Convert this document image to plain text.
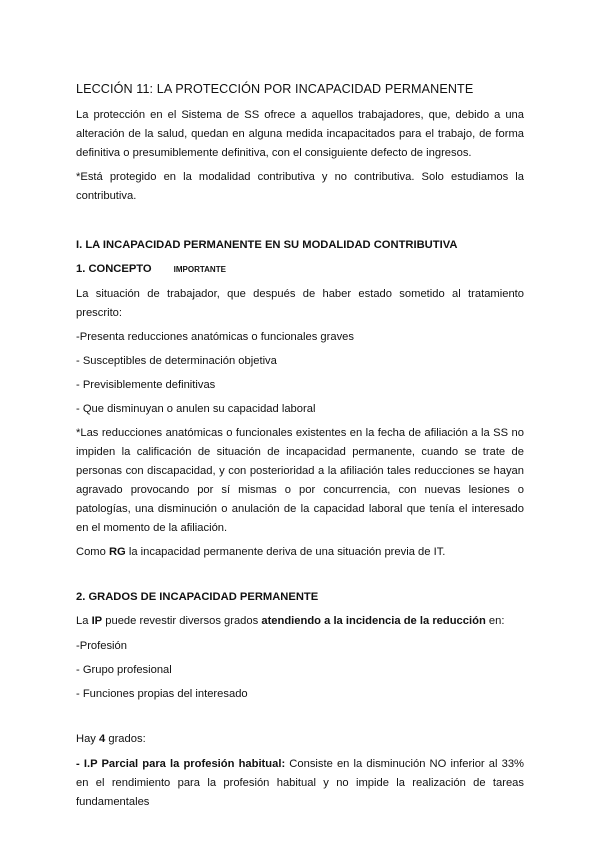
LECCIÓN 11: LA PROTECCIÓN POR INCAPACIDAD PERMANENTE

La protección en el Sistema de SS ofrece a aquellos trabajadores, que, debido a una alteración de la salud, quedan en alguna medida incapacitados para el trabajo, de forma definitiva o presumiblemente definitiva, con el consiguiente defecto de ingresos.

*Está protegido en la modalidad contributiva y no contributiva. Solo estudiamos la contributiva.

I. LA INCAPACIDAD PERMANENTE EN SU MODALIDAD CONTRIBUTIVA

1. CONCEPTO	IMPORTANTE

La situación de trabajador, que después de haber estado sometido al tratamiento prescrito:

-Presenta reducciones anatómicas o funcionales graves

- Susceptibles de determinación objetiva

- Previsiblemente definitivas

- Que disminuyan o anulen su capacidad laboral

*Las reducciones anatómicas o funcionales existentes en la fecha de afiliación a la SS no impiden la calificación de situación de incapacidad permanente, cuando se trate de personas con discapacidad, y con posterioridad a la afiliación tales reducciones se hayan agravado provocando por sí mismas o por concurrencia, con nuevas lesiones o patologías, una disminución o anulación de la capacidad laboral que tenía el interesado en el momento de la afiliación.

Como RG la incapacidad permanente deriva de una situación previa de IT.

2. GRADOS DE INCAPACIDAD PERMANENTE

La IP puede revestir diversos grados atendiendo a la incidencia de la reducción en:

-Profesión

- Grupo profesional

- Funciones propias del interesado

Hay 4 grados:

- I.P Parcial para la profesión habitual: Consiste en la disminución NO inferior al 33% en el rendimiento para la profesión habitual y no impide la realización de tareas fundamentales
